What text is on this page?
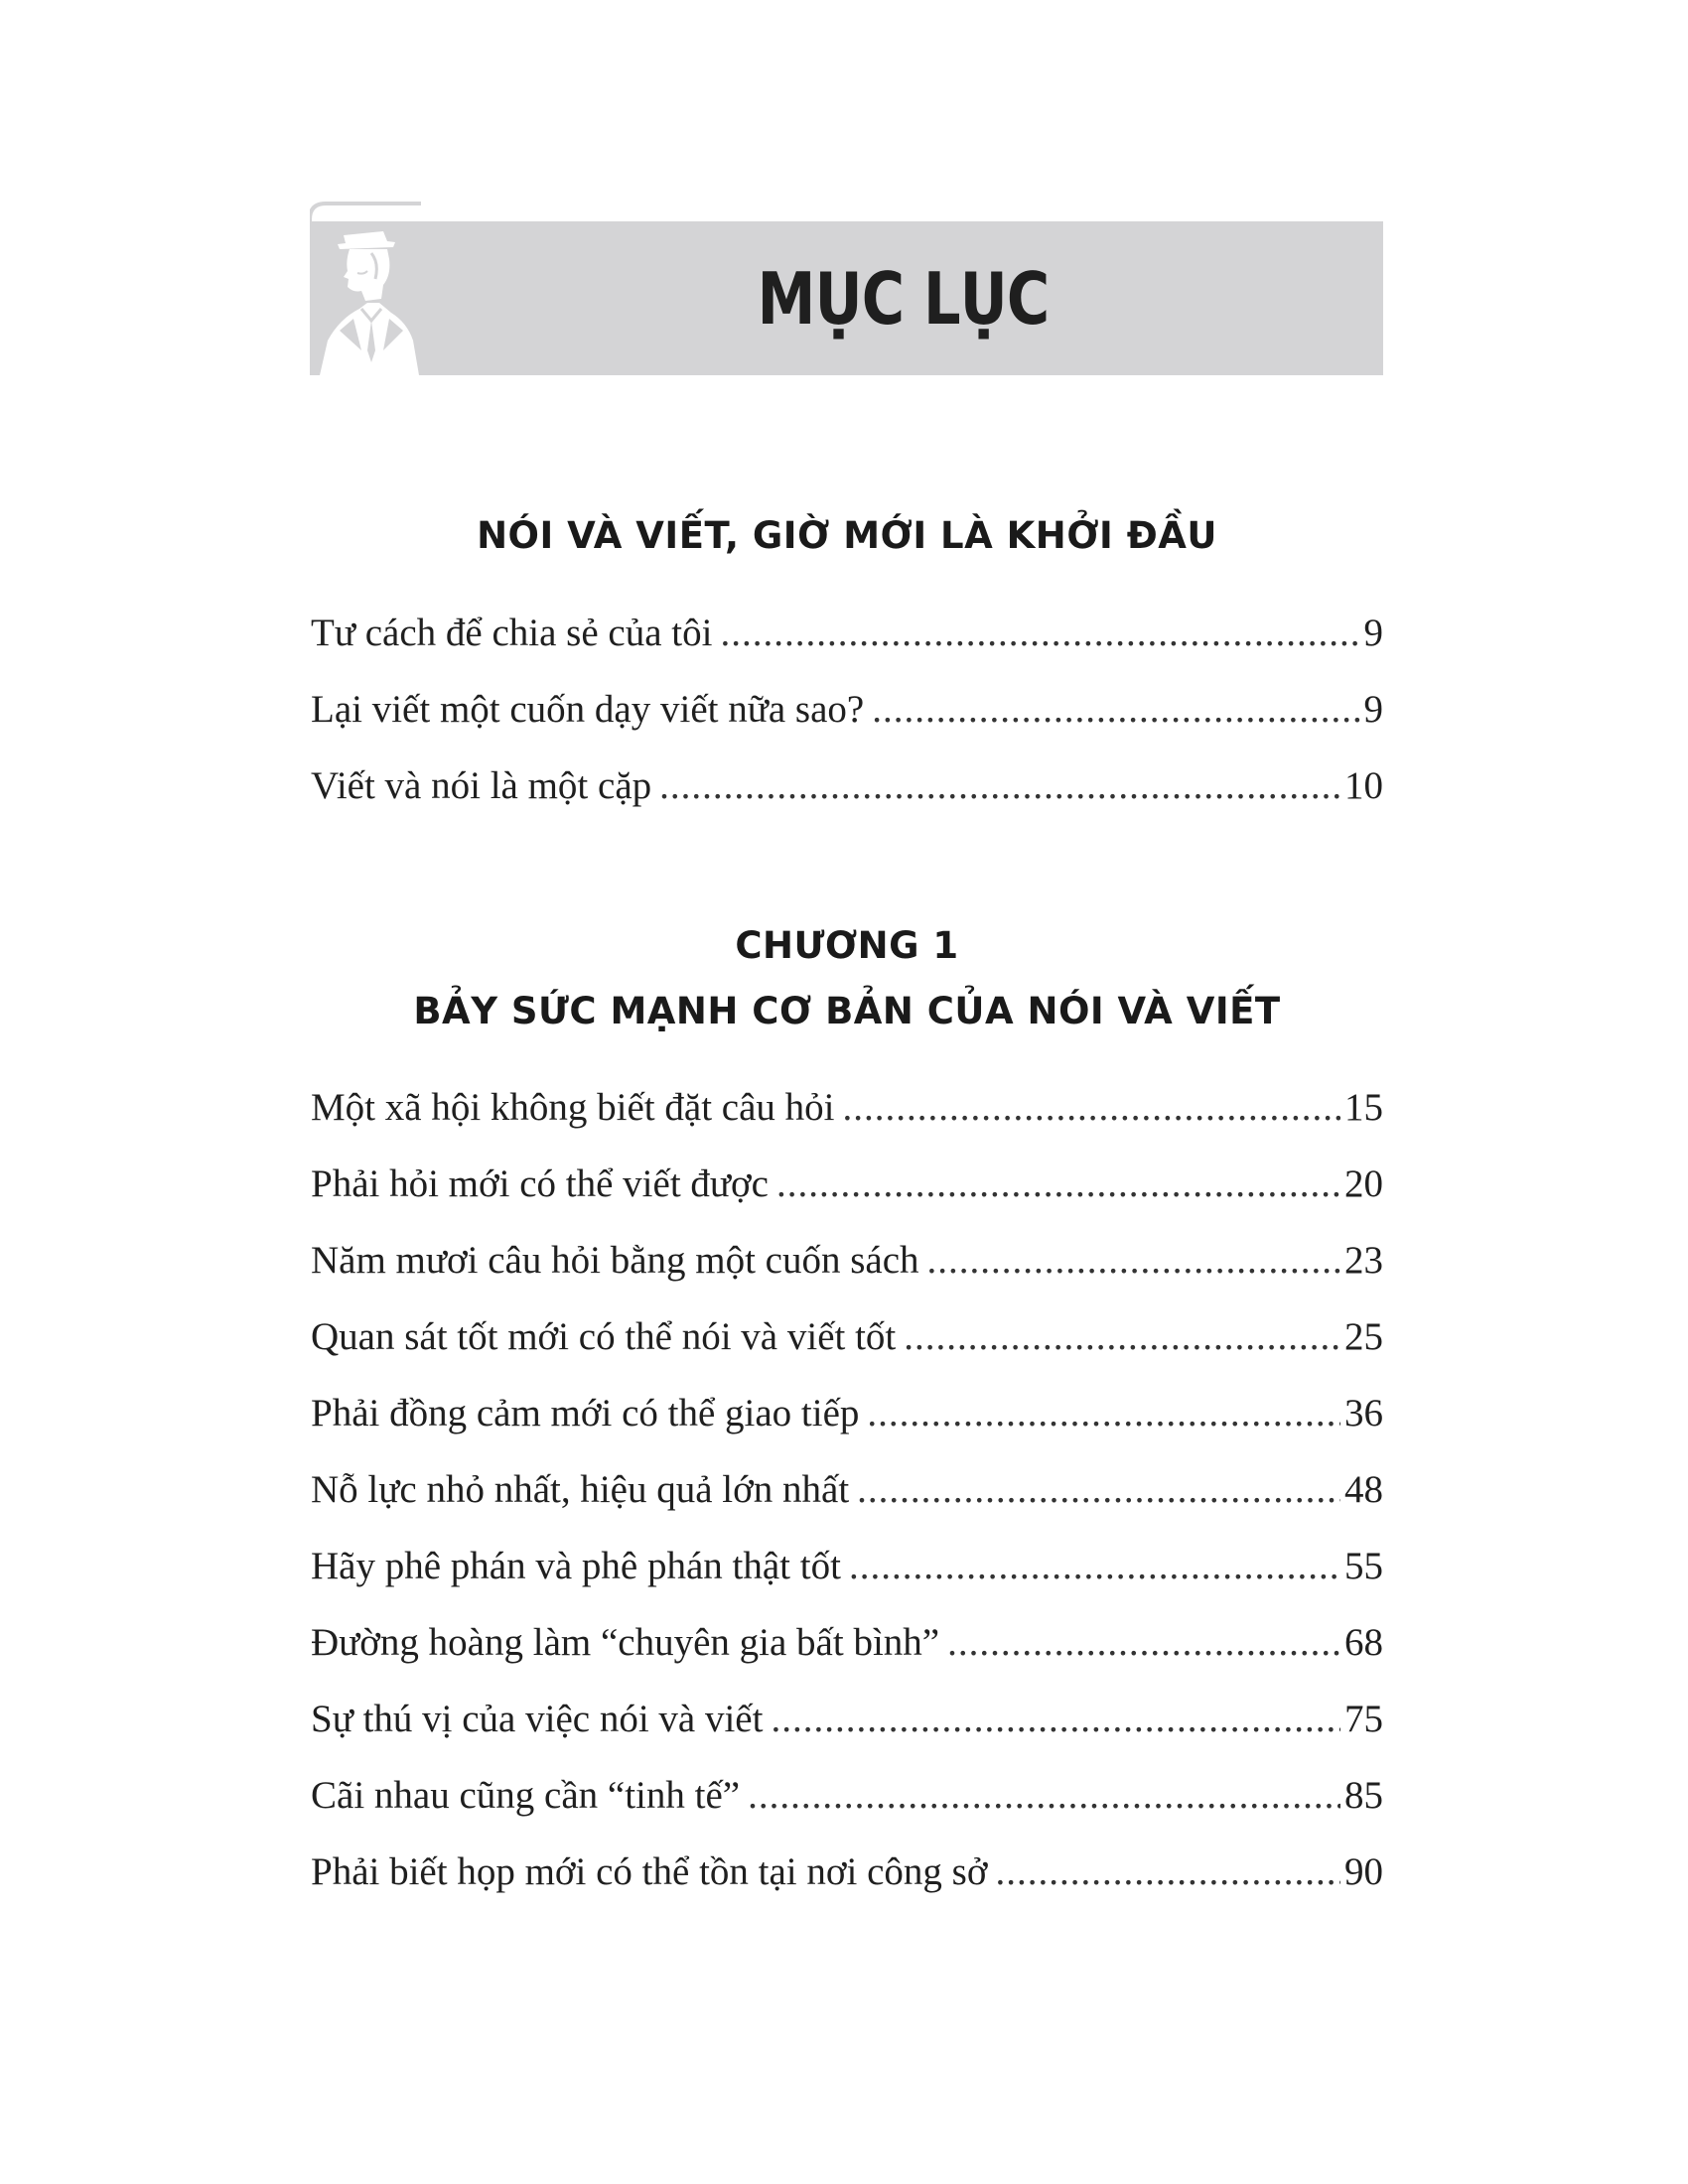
MỤC LỤC
NÓI VÀ VIẾT, GIỜ MỚI LÀ KHỞI ĐẦU
Tư cách để chia sẻ của tôi .....	9
Lại viết một cuốn dạy viết nữa sao? .....	9
Viết và nói là một cặp .....	10
CHƯƠNG 1
BẢY SỨC MẠNH CƠ BẢN CỦA NÓI VÀ VIẾT
Một xã hội không biết đặt câu hỏi .....	15
Phải hỏi mới có thể viết được .....	20
Năm mươi câu hỏi bằng một cuốn sách .....	23
Quan sát tốt mới có thể nói và viết tốt .....	25
Phải đồng cảm mới có thể giao tiếp .....	36
Nỗ lực nhỏ nhất, hiệu quả lớn nhất .....	48
Hãy phê phán và phê phán thật tốt .....	55
Đường hoàng làm “chuyên gia bất bình” .....	68
Sự thú vị của việc nói và viết .....	75
Cãi nhau cũng cần “tinh tế” .....	85
Phải biết họp mới có thể tồn tại nơi công sở .....	90
